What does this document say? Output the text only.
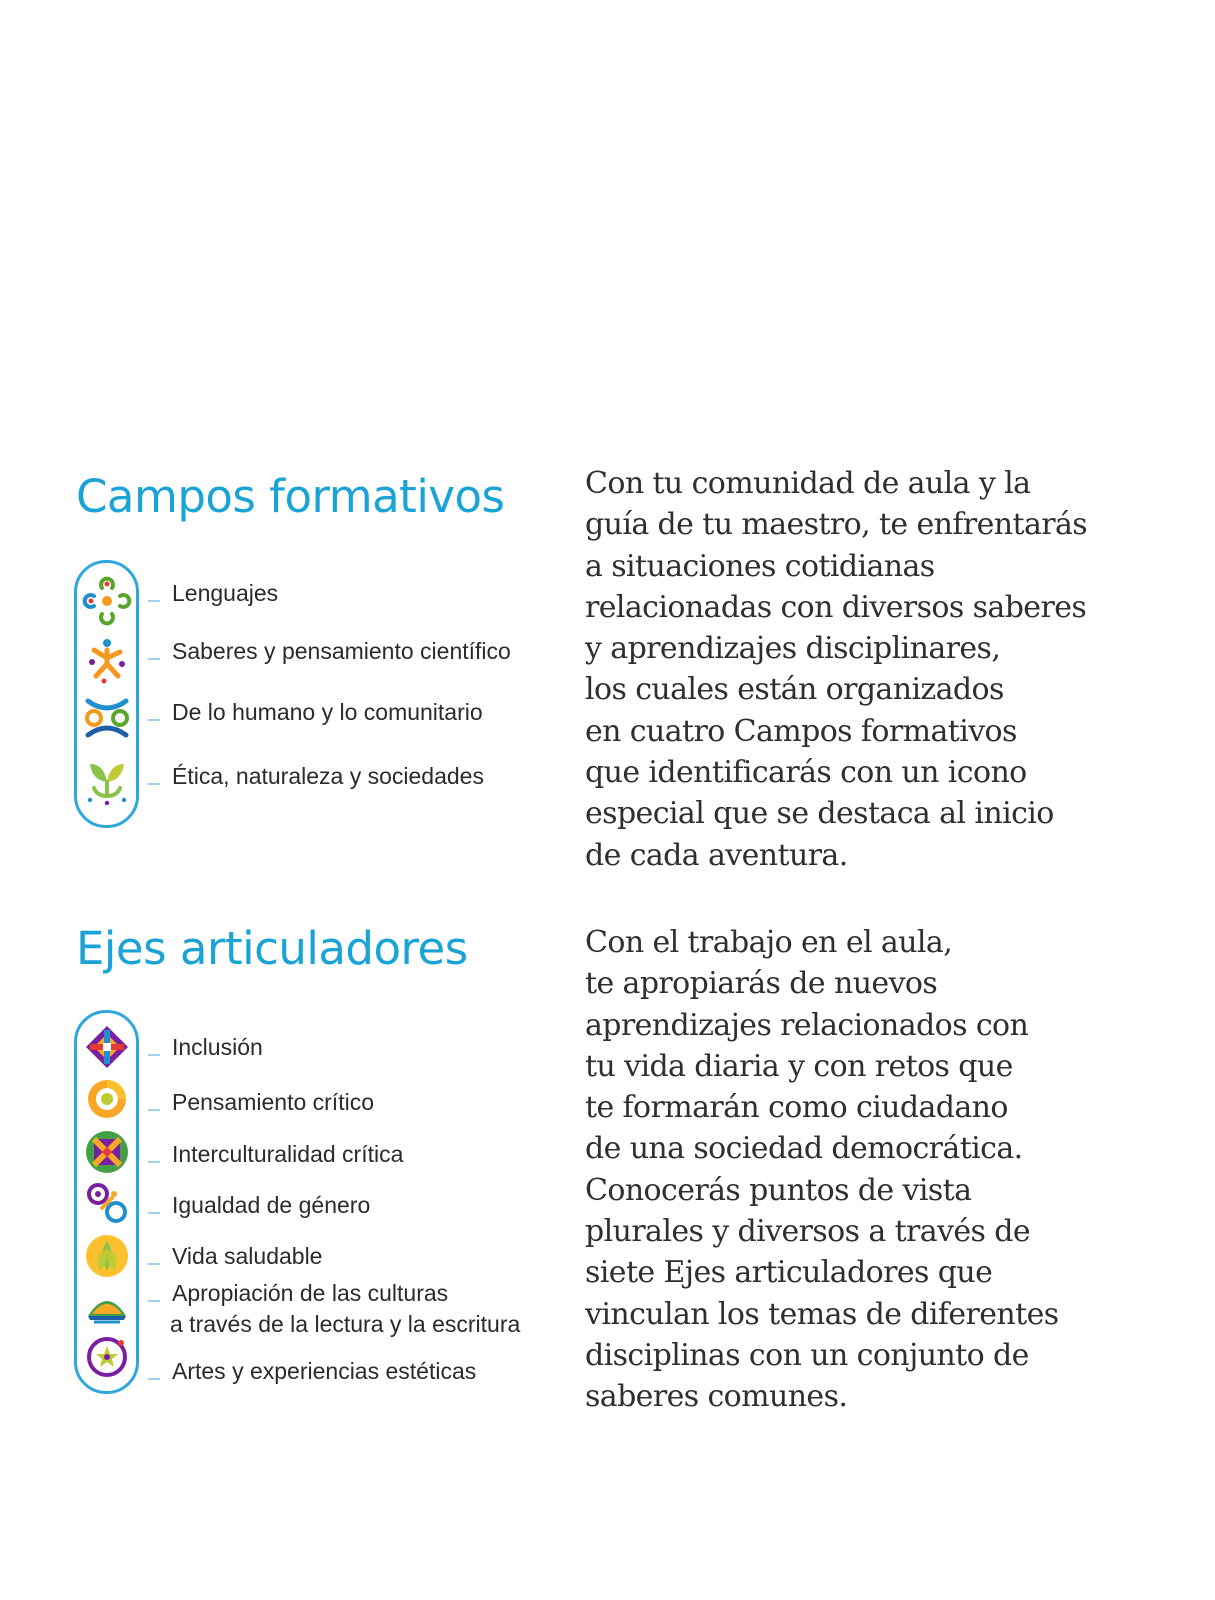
Campos formativos
Lenguajes
Saberes y pensamiento científico
De lo humano y lo comunitario
Ética, naturaleza y sociedades

Con tu comunidad de aula y la
guía de tu maestro, te enfrentarás
a situaciones cotidianas
relacionadas con diversos saberes
y aprendizajes disciplinares,
los cuales están organizados
en cuatro Campos formativos
que identificarás con un icono
especial que se destaca al inicio
de cada aventura.

Ejes articuladores
Inclusión
Pensamiento crítico
Interculturalidad crítica
Igualdad de género
Vida saludable
Apropiación de las culturas
a través de la lectura y la escritura
Artes y experiencias estéticas

Con el trabajo en el aula,
te apropiarás de nuevos
aprendizajes relacionados con
tu vida diaria y con retos que
te formarán como ciudadano
de una sociedad democrática.
Conocerás puntos de vista
plurales y diversos a través de
siete Ejes articuladores que
vinculan los temas de diferentes
disciplinas con un conjunto de
saberes comunes.
